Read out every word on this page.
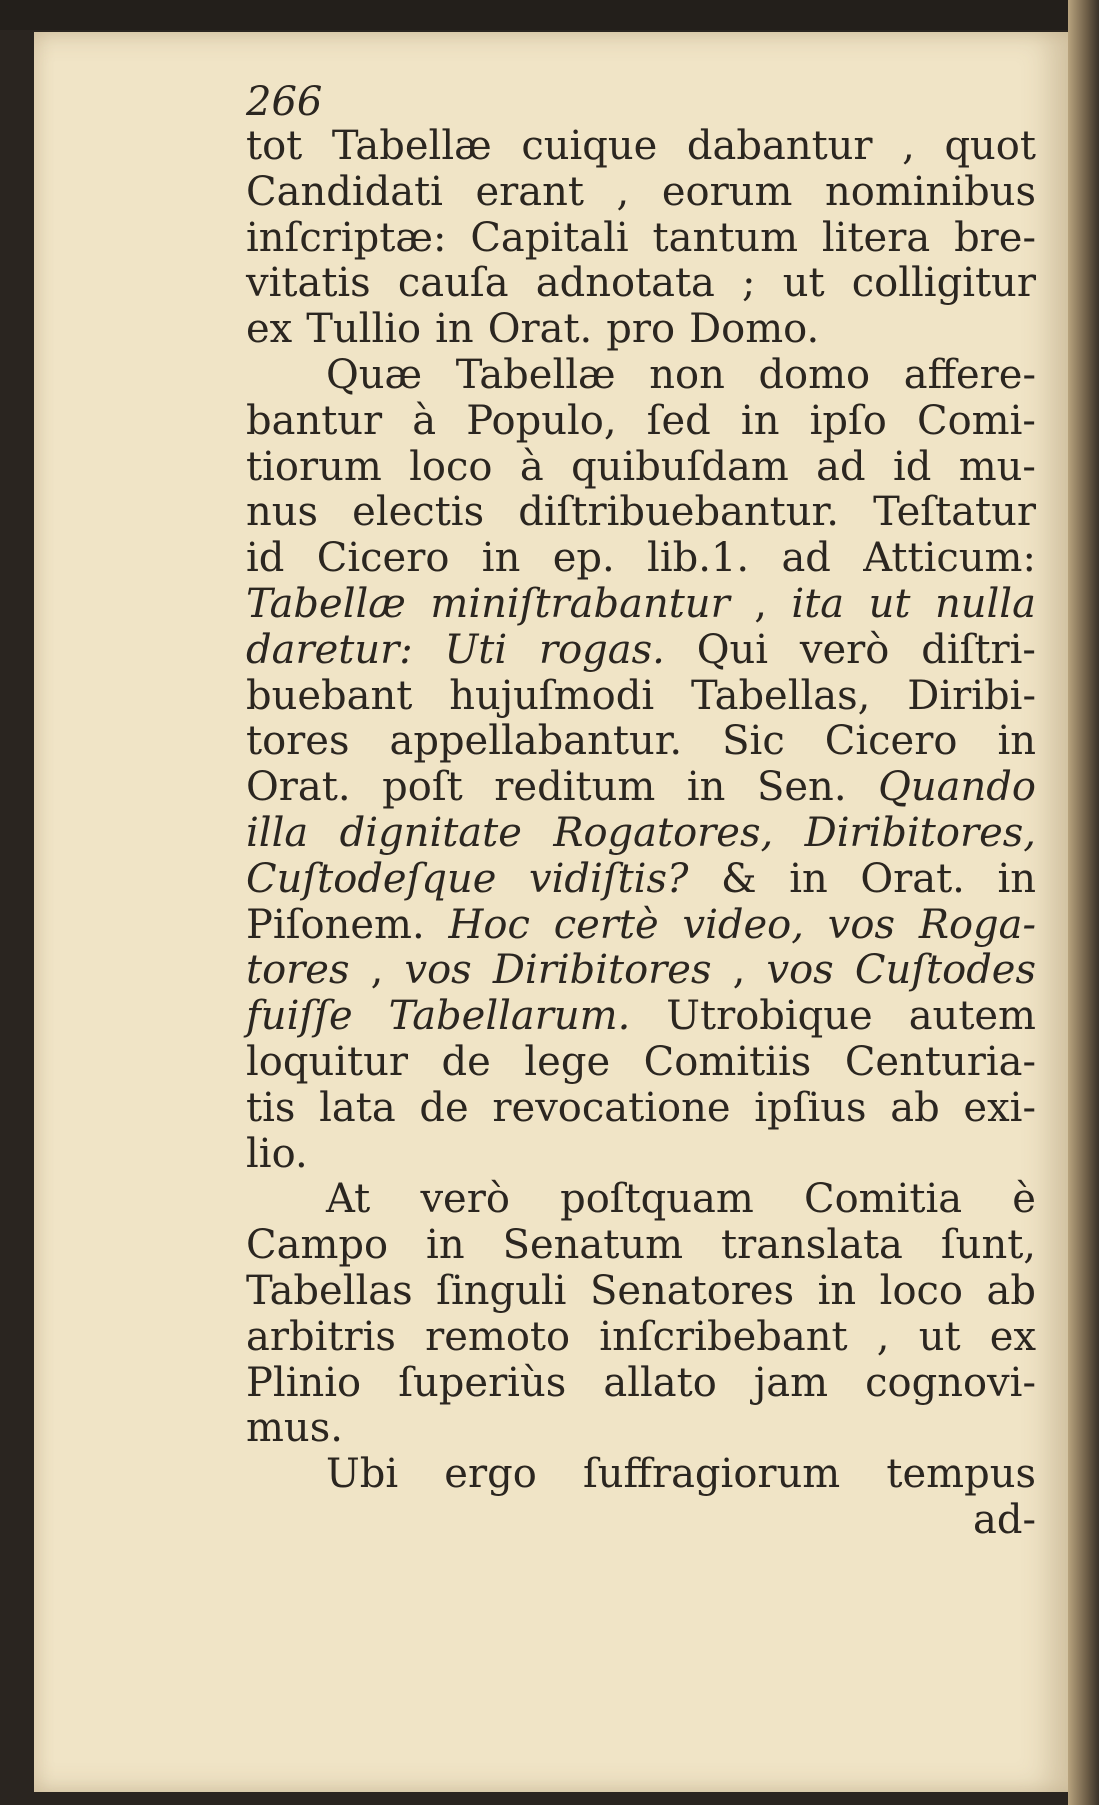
266
tot Tabellæ cuique dabantur , quot
Candidati erant , eorum nominibus
inſcriptæ: Capitali tantum litera bre-
vitatis cauſa adnotata ; ut colligitur
ex Tullio in Orat. pro Domo.
Quæ Tabellæ non domo affere-
bantur à Populo, ſed in ipſo Comi-
tiorum loco à quibuſdam ad id mu-
nus electis diſtribuebantur. Teſtatur
id Cicero in ep. lib.1. ad Atticum:
Tabellæ miniſtrabantur , ita ut nulla
daretur: Uti rogas. Qui verò diſtri-
buebant hujuſmodi Tabellas, Diribi-
tores appellabantur. Sic Cicero in
Orat. poſt reditum in Sen. Quando
illa dignitate Rogatores, Diribitores,
Cuſtodeſque vidiſtis? & in Orat. in
Piſonem. Hoc certè video, vos Roga-
tores , vos Diribitores , vos Cuſtodes
fuiſſe Tabellarum. Utrobique autem
loquitur de lege Comitiis Centuria-
tis lata de revocatione ipſius ab exi-
lio.
At verò poſtquam Comitia è
Campo in Senatum translata ſunt,
Tabellas ſinguli Senatores in loco ab
arbitris remoto inſcribebant , ut ex
Plinio ſuperiùs allato jam cognovi-
mus.
Ubi ergo ſuffragiorum tempus
ad-
